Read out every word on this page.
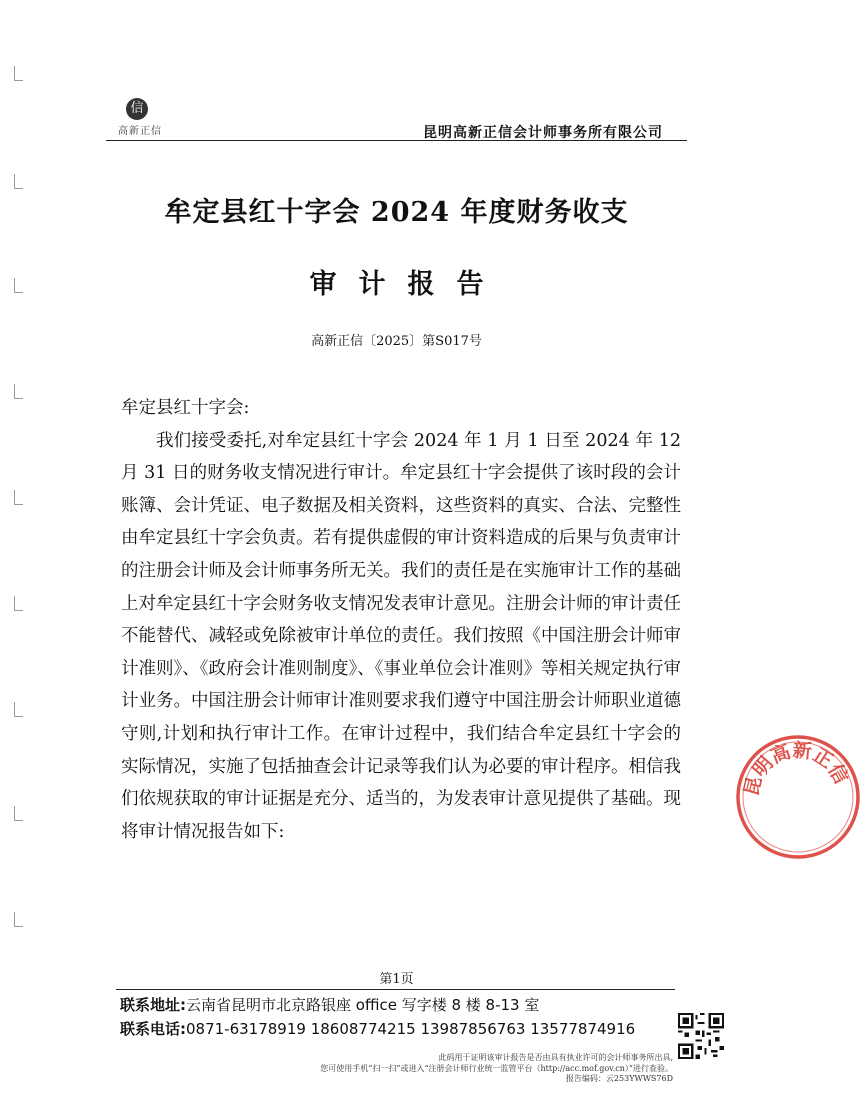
信
高新正信	昆明高新正信会计师事务所有限公司
牟定县红十字会 2024 年度财务收支
审计报告
高新正信〔2025〕第S017号

牟定县红十字会:

我们接受委托,对牟定县红十字会 2024 年 1 月 1 日至 2024 年 12 月 31 日的财务收支情况进行审计。牟定县红十字会提供了该时段的会计账簿、会计凭证、电子数据及相关资料，这些资料的真实、合法、完整性由牟定县红十字会负责。若有提供虚假的审计资料造成的后果与负责审计的注册会计师及会计师事务所无关。我们的责任是在实施审计工作的基础上对牟定县红十字会财务收支情况发表审计意见。注册会计师的审计责任不能替代、减轻或免除被审计单位的责任。我们按照《中国注册会计师审计准则》、《政府会计准则制度》、《事业单位会计准则》等相关规定执行审计业务。中国注册会计师审计准则要求我们遵守中国注册会计师职业道德守则,计划和执行审计工作。在审计过程中，我们结合牟定县红十字会的实际情况，实施了包括抽查会计记录等我们认为必要的审计程序。相信我们依规获取的审计证据是充分、适当的，为发表审计意见提供了基础。现将审计情况报告如下:

昆明高新正信
第1页
联系地址:云南省昆明市北京路银座 office 写字楼 8 楼 8-13 室
联系电话:0871-63178919 18608774215 13987856763 13577874916
此码用于证明该审计报告是否由具有执业许可的会计师事务所出具,
您可使用手机“扫一扫”或进入“注册会计师行业统一监管平台（http://acc.mof.gov.cn）”进行查验。
报告编码：云253YWWS76D
